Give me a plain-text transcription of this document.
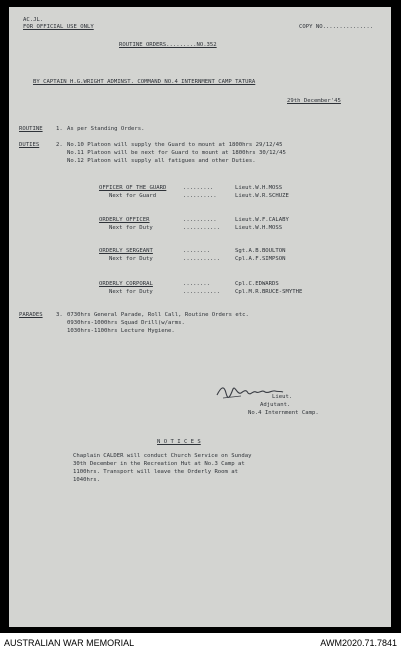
AC.JL.
FOR OFFICIAL USE ONLY	COPY NO...............
ROUTINE ORDERS.........NO.352
BY CAPTAIN H.G.WRIGHT ADMINST. COMMAND NO.4 INTERNMENT CAMP TATURA
29th December'45
ROUTINE 1. As per Standing Orders.
DUTIES	2. No.10 Platoon will supply the Guard to mount at 1800hrs 29/12/45
No.11 Platoon will be next for Guard to mount at 1800hrs 30/12/45
No.12 Platoon will supply all fatigues and other Duties.
OFFICER OF THE GUARD	.........	Lieut.W.H.MOSS
Next for Guard	..........	Lieut.W.R.SCHUZE
ORDERLY OFFICER	..........	Lieut.W.F.CALABY
Next for Duty	...........	Lieut.W.H.MOSS
ORDERLY SERGEANT	........	Sgt.A.B.BOULTON
Next for Duty	...........	Cpl.A.F.SIMPSON
ORDERLY CORPORAL	........	Cpl.C.EDWARDS
Next for Duty	...........	Cpl.M.R.BRUCE-SMYTHE
PARADES 3. 0730hrs General Parade, Roll Call, Routine Orders etc.
0930hrs-1000hrs Squad Drill(w/arms.
1030hrs-1100hrs Lecture Hygiene.
Lieut.
Adjutant.
No.4 Internment Camp.
N O T I C E S
Chaplain CALDER will conduct Church Service on Sunday
30th December in the Recreation Hut at No.3 Camp at
1100hrs. Transport will leave the Orderly Room at
1040hrs.
AUSTRALIAN WAR MEMORIAL	AWM2020.71.7841
